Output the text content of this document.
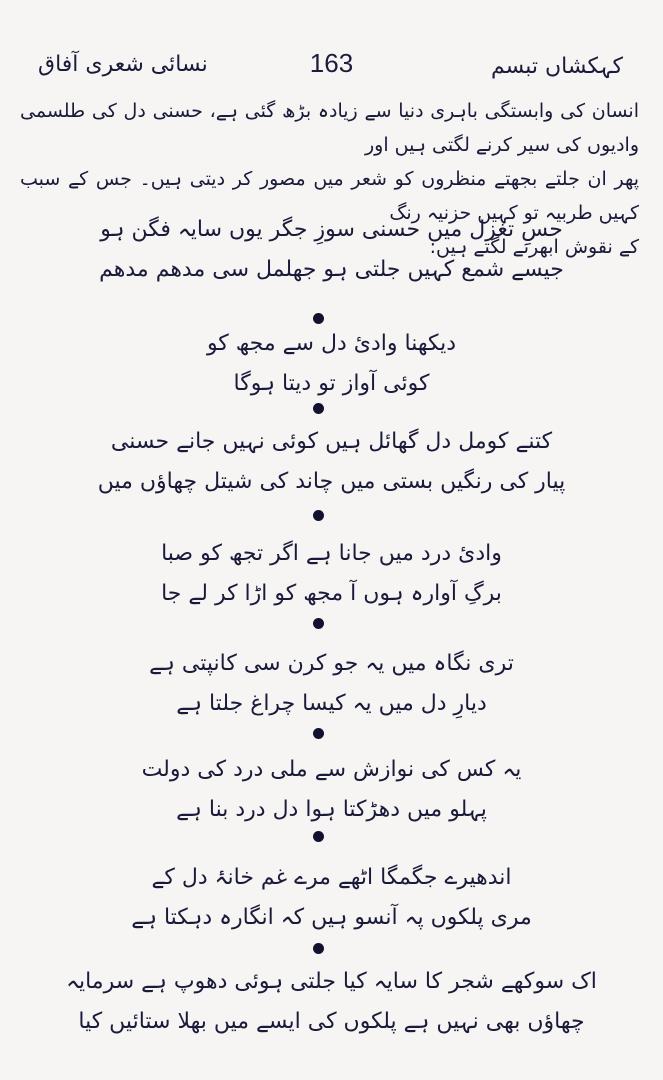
نسائی شعری آفاق	163	کہکشاں تبسم

انسان کی وابستگی باہری دنیا سے زیادہ بڑھ گئی ہے، حسنی دل کی طلسمی وادیوں کی سیر کرنے لگتی ہیں اور

پھر ان جلتے بجھتے منظروں کو شعر میں مصور کر دیتی ہیں۔ جس کے سبب کہیں طربیہ تو کہیں حزنیہ رنگ

کے نقوش ابھرنے لگتے ہیں:

حسِ تغزل میں حسنی سوزِ جگر یوں سایہ فگن ہو
جیسے شمع کہیں جلتی ہو جھلمل سی مدھم مدھم
دیکھنا وادئ دل سے مجھ کو
کوئی آواز تو دیتا ہوگا
کتنے کومل دل گھائل ہیں کوئی نہیں جانے حسنی
پیار کی رنگیں بستی میں چاند کی شیتل چھاؤں میں
وادئ درد میں جانا ہے اگر تجھ کو صبا
برگِ آوارہ ہوں آ مجھ کو اڑا کر لے جا
تری نگاہ میں یہ جو کرن سی کانپتی ہے
دیارِ دل میں یہ کیسا چراغ جلتا ہے
یہ کس کی نوازش سے ملی درد کی دولت
پہلو میں دھڑکتا ہوا دل درد بنا ہے
اندھیرے جگمگا اٹھے مرے غم خانۂ دل کے
مری پلکوں پہ آنسو ہیں کہ انگارہ دہکتا ہے
اک سوکھے شجر کا سایہ کیا جلتی ہوئی دھوپ ہے سرمایہ
چھاؤں بھی نہیں ہے پلکوں کی ایسے میں بھلا ستائیں کیا
